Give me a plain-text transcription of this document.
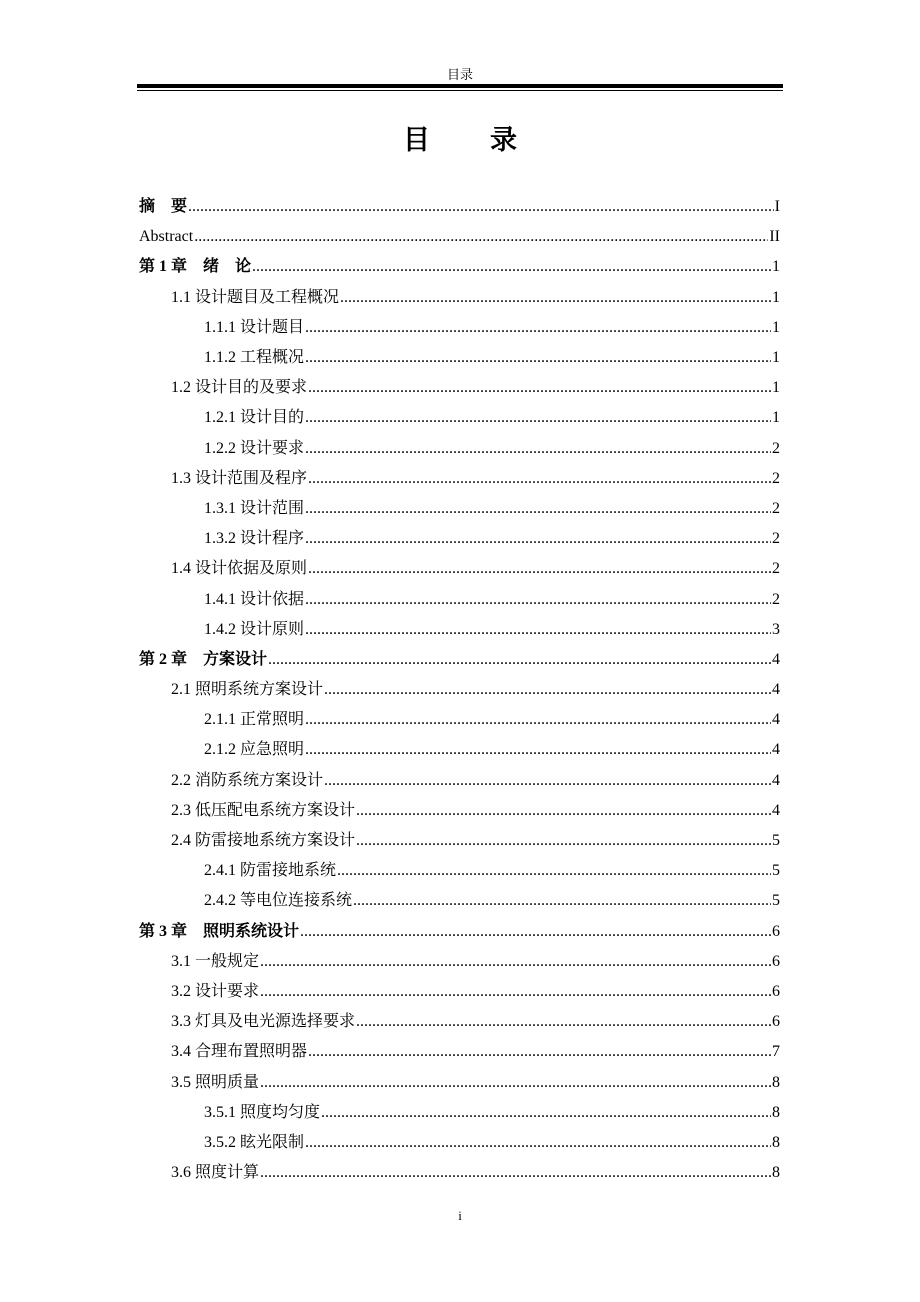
目录
目 录
摘　要 .....	I
Abstract .....	II
第 1 章　绪　论 .....	1
1.1 设计题目及工程概况 .....	1
1.1.1 设计题目 .....	1
1.1.2 工程概况 .....	1
1.2 设计目的及要求 .....	1
1.2.1 设计目的 .....	1
1.2.2 设计要求 .....	2
1.3 设计范围及程序 .....	2
1.3.1 设计范围 .....	2
1.3.2 设计程序 .....	2
1.4 设计依据及原则 .....	2
1.4.1 设计依据 .....	2
1.4.2 设计原则 .....	3
第 2 章　方案设计 .....	4
2.1 照明系统方案设计 .....	4
2.1.1 正常照明 .....	4
2.1.2 应急照明 .....	4
2.2 消防系统方案设计 .....	4
2.3 低压配电系统方案设计 .....	4
2.4 防雷接地系统方案设计 .....	5
2.4.1 防雷接地系统 .....	5
2.4.2 等电位连接系统 .....	5
第 3 章　照明系统设计 .....	6
3.1 一般规定 .....	6
3.2 设计要求 .....	6
3.3 灯具及电光源选择要求 .....	6
3.4 合理布置照明器 .....	7
3.5 照明质量 .....	8
3.5.1 照度均匀度 .....	8
3.5.2 眩光限制 .....	8
3.6 照度计算 .....	8
i
